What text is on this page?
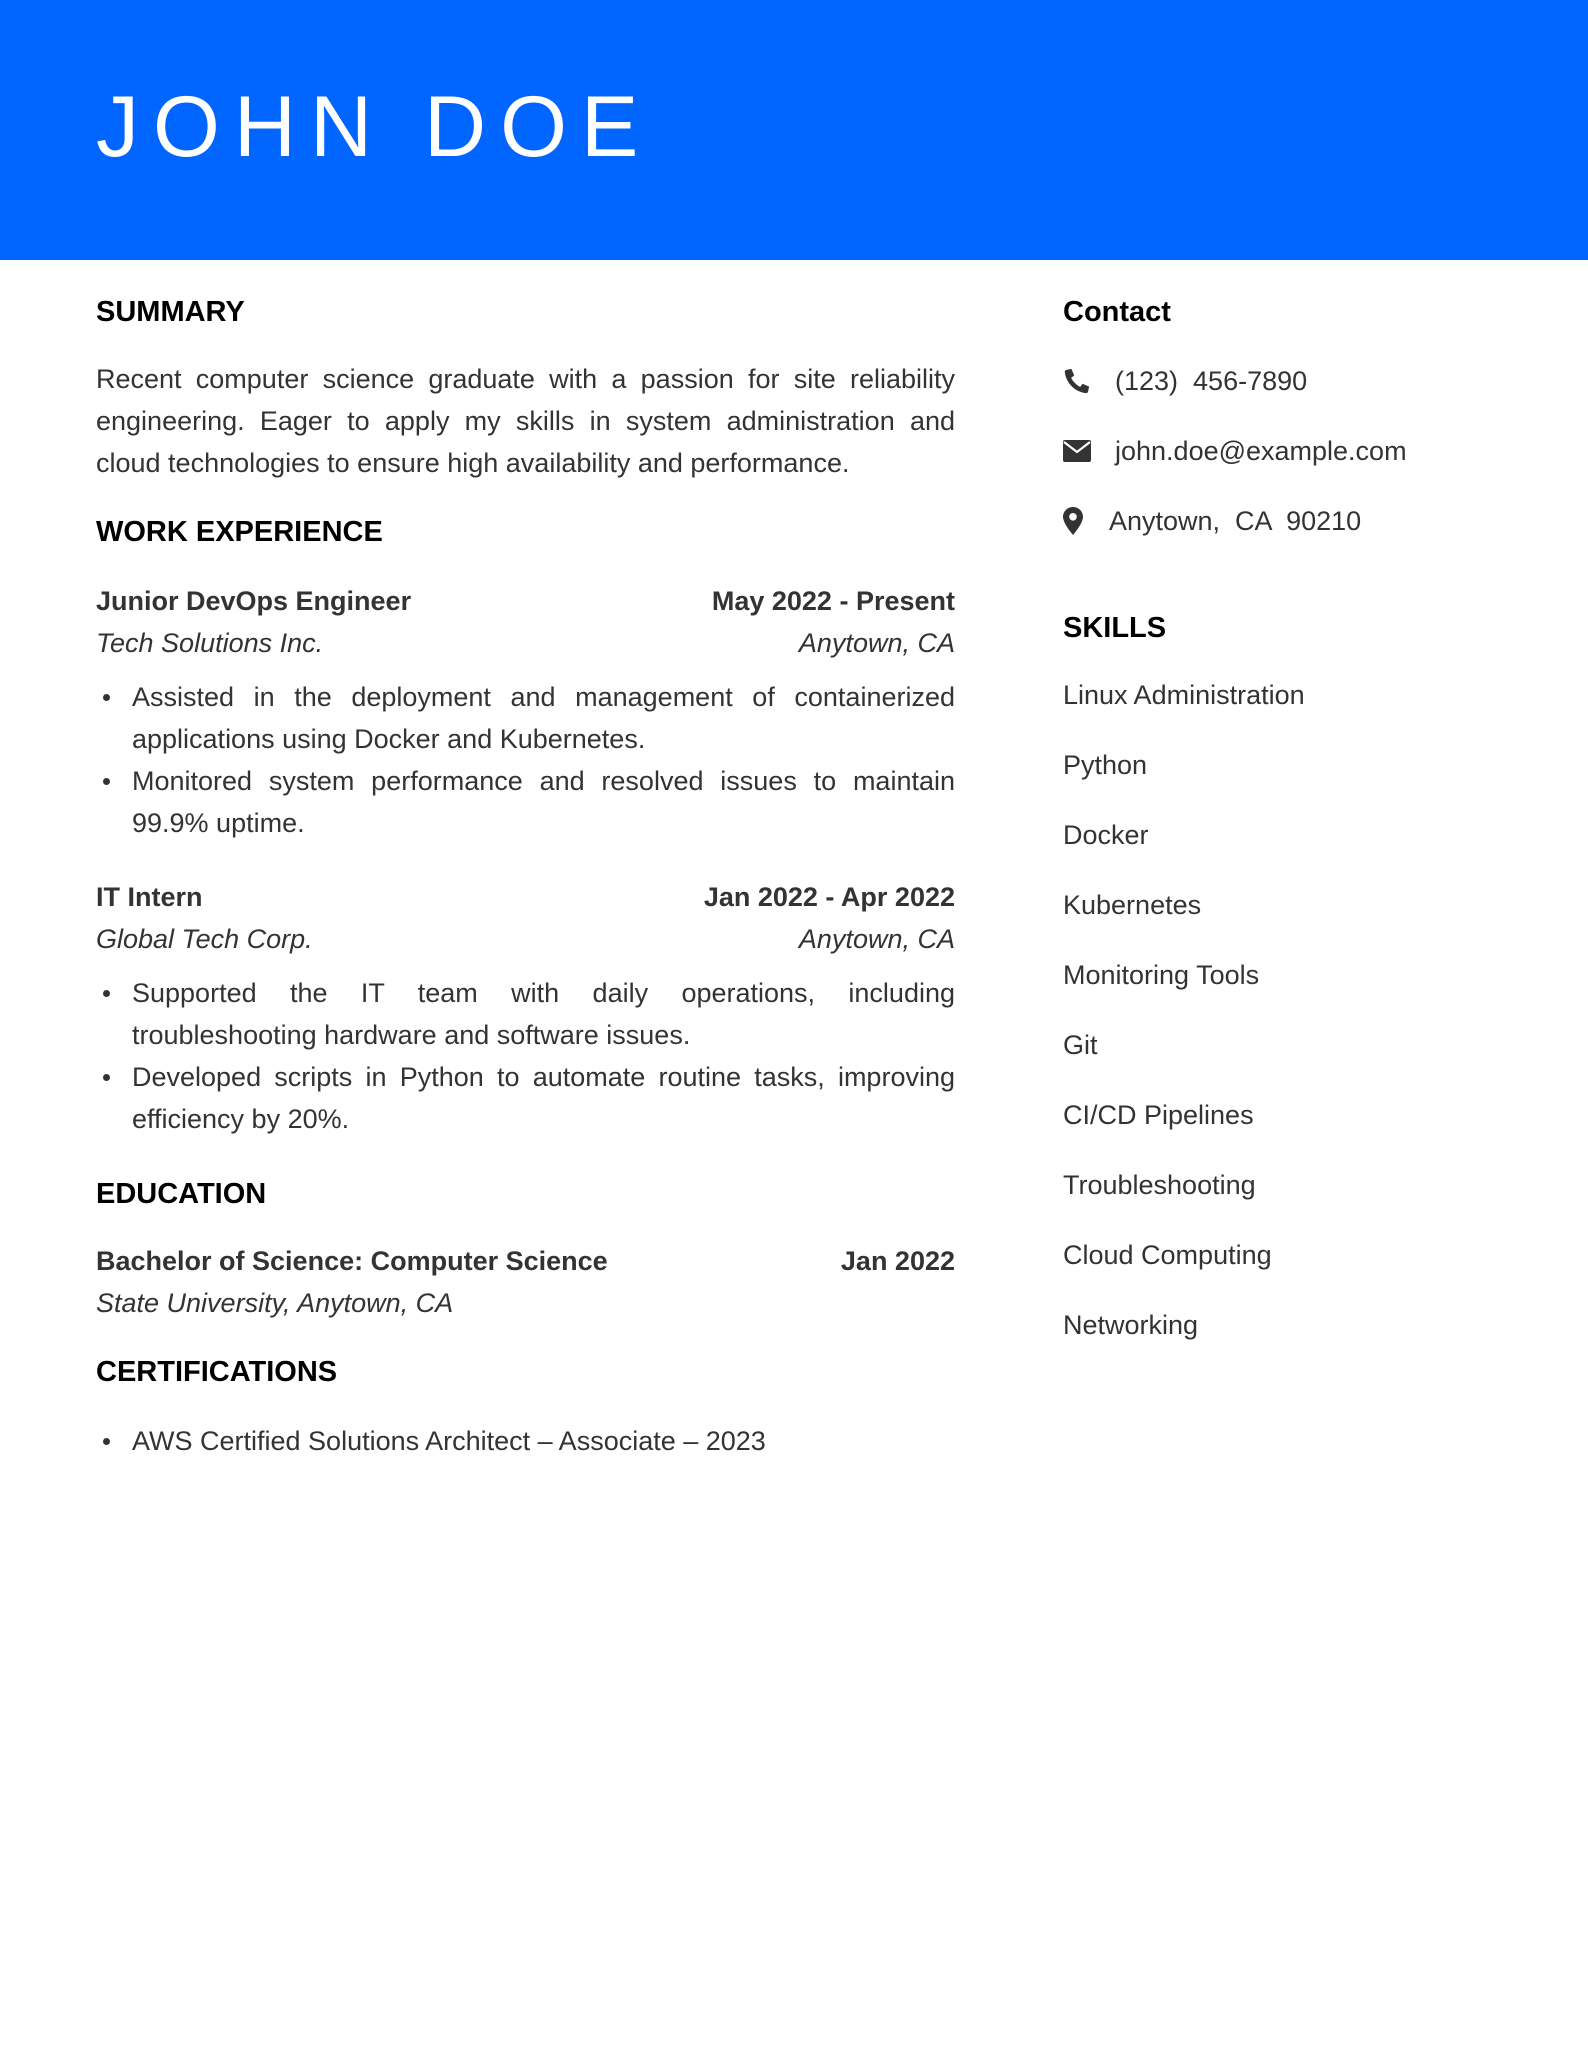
JOHN DOE
SUMMARY

Recent computer science graduate with a passion for site reliability engineering. Eager to apply my skills in system administration and cloud technologies to ensure high availability and performance.

WORK EXPERIENCE
Junior DevOps Engineer	May 2022 - Present
Tech Solutions Inc.	Anytown, CA
Assisted in the deployment and management of containerized applications using Docker and Kubernetes.
Monitored system performance and resolved issues to maintain 99.9% uptime.
IT Intern	Jan 2022 - Apr 2022
Global Tech Corp.	Anytown, CA
Supported the IT team with daily operations, including troubleshooting hardware and software issues.
Developed scripts in Python to automate routine tasks, improving efficiency by 20%.
EDUCATION
Bachelor of Science: Computer Science	Jan 2022
State University, Anytown, CA
CERTIFICATIONS
AWS Certified Solutions Architect – Associate – 2023
Contact
(123)  456-7890
john.doe@example.com
Anytown,  CA  90210
SKILLS
Linux Administration
Python
Docker
Kubernetes
Monitoring Tools
Git
CI/CD Pipelines
Troubleshooting
Cloud Computing
Networking
